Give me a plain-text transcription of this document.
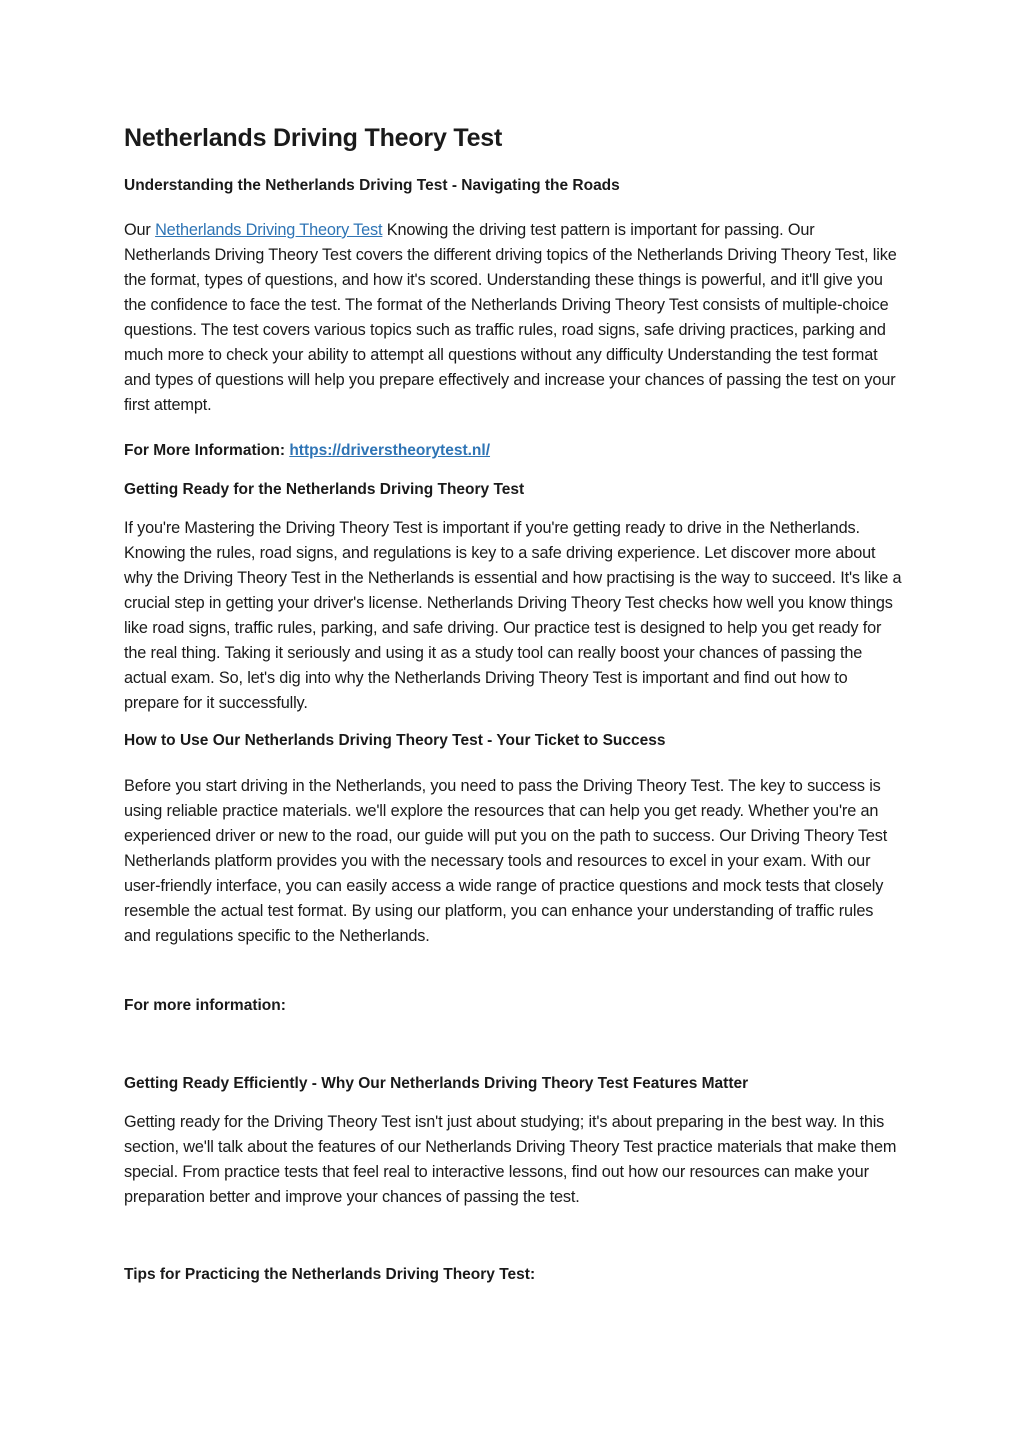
Netherlands Driving Theory Test
Understanding the Netherlands Driving Test - Navigating the Roads

Our Netherlands Driving Theory Test Knowing the driving test pattern is important for passing. Our Netherlands Driving Theory Test covers the different driving topics of the Netherlands Driving Theory Test, like the format, types of questions, and how it's scored. Understanding these things is powerful, and it'll give you the confidence to face the test. The format of the Netherlands Driving Theory Test consists of multiple-choice questions. The test covers various topics such as traffic rules, road signs, safe driving practices, parking and much more to check your ability to attempt all questions without any difficulty Understanding the test format and types of questions will help you prepare effectively and increase your chances of passing the test on your first attempt.

For More Information: https://driverstheorytest.nl/

Getting Ready for the Netherlands Driving Theory Test

If you're Mastering the Driving Theory Test is important if you're getting ready to drive in the Netherlands. Knowing the rules, road signs, and regulations is key to a safe driving experience. Let discover more about why the Driving Theory Test in the Netherlands is essential and how practising is the way to succeed. It's like a crucial step in getting your driver's license. Netherlands Driving Theory Test checks how well you know things like road signs, traffic rules, parking, and safe driving. Our practice test is designed to help you get ready for the real thing. Taking it seriously and using it as a study tool can really boost your chances of passing the actual exam. So, let's dig into why the Netherlands Driving Theory Test is important and find out how to prepare for it successfully.

How to Use Our Netherlands Driving Theory Test - Your Ticket to Success

Before you start driving in the Netherlands, you need to pass the Driving Theory Test. The key to success is using reliable practice materials. we'll explore the resources that can help you get ready. Whether you're an experienced driver or new to the road, our guide will put you on the path to success. Our Driving Theory Test Netherlands platform provides you with the necessary tools and resources to excel in your exam. With our user-friendly interface, you can easily access a wide range of practice questions and mock tests that closely resemble the actual test format. By using our platform, you can enhance your understanding of traffic rules and regulations specific to the Netherlands.

For more information:

Getting Ready Efficiently - Why Our Netherlands Driving Theory Test Features Matter

Getting ready for the Driving Theory Test isn't just about studying; it's about preparing in the best way. In this section, we'll talk about the features of our Netherlands Driving Theory Test practice materials that make them special. From practice tests that feel real to interactive lessons, find out how our resources can make your preparation better and improve your chances of passing the test.

Tips for Practicing the Netherlands Driving Theory Test:
